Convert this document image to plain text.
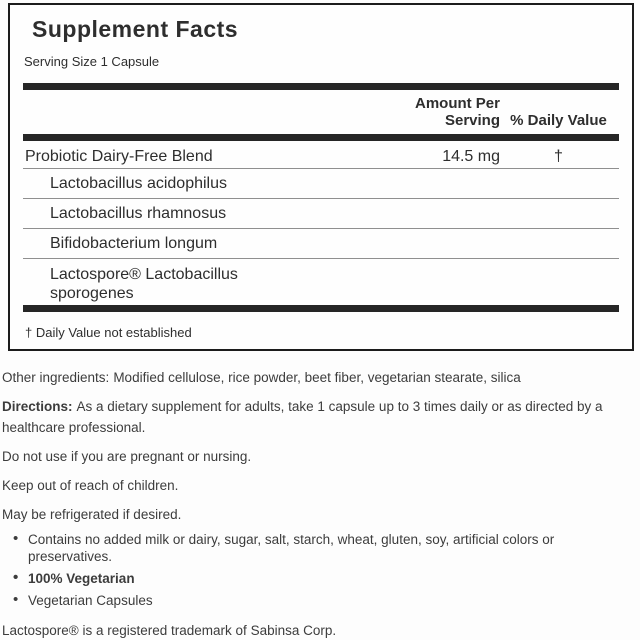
Supplement Facts
Serving Size 1 Capsule
Amount Per Serving % Daily Value
Probiotic Dairy-Free Blend	14.5 mg	†
Lactobacillus acidophilus
Lactobacillus rhamnosus
Bifidobacterium longum
Lactospore® Lactobacillus sporogenes
† Daily Value not established

Other ingredients: Modified cellulose, rice powder, beet fiber, vegetarian stearate, silica

Directions: As a dietary supplement for adults, take 1 capsule up to 3 times daily or as directed by a healthcare professional.

Do not use if you are pregnant or nursing.

Keep out of reach of children.

May be refrigerated if desired.

• Contains no added milk or dairy, sugar, salt, starch, wheat, gluten, soy, artificial colors or preservatives.
• 100% Vegetarian
• Vegetarian Capsules

Lactospore® is a registered trademark of Sabinsa Corp.
